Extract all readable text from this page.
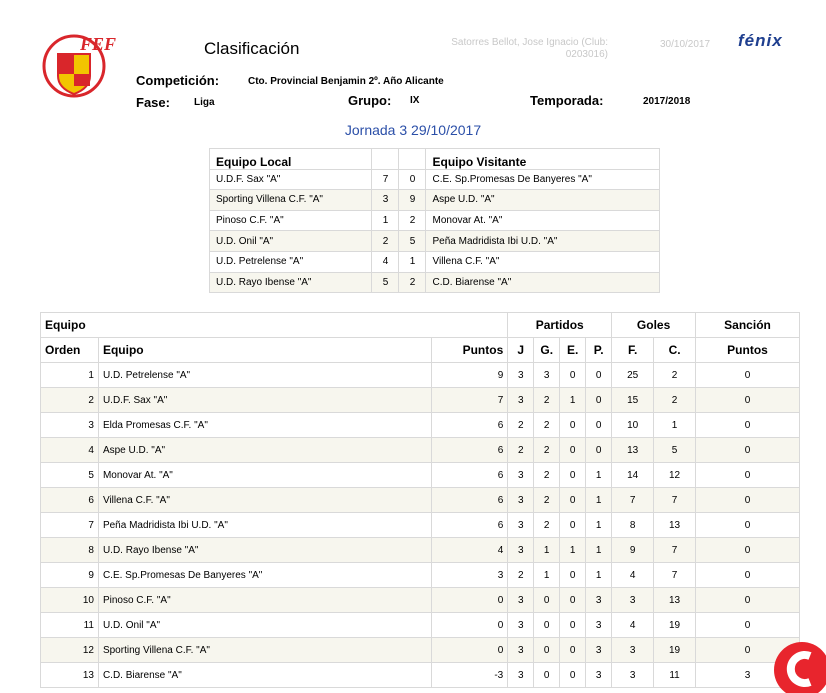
FEF	Clasificación	Satorres Bellot, Jose Ignacio (Club:
0203016)
30/10/2017 fénix
Competición:	Cto. Provincial Benjamin 2º. Año Alicante
Fase: Liga	Grupo: IX	Temporada:	2017/2018
Jornada 3 29/10/2017
Equipo Local			Equipo Visitante
U.D.F. Sax "A"	7	0	C.E. Sp.Promesas De Banyeres "A"
Sporting Villena C.F. "A"	3	9	Aspe U.D. "A"
Pinoso C.F. "A"	1	2	Monovar At. "A"
U.D. Onil "A"	2	5	Peña Madridista Ibi U.D. "A"
U.D. Petrelense "A"	4	1	Villena C.F. "A"
U.D. Rayo Ibense "A"	5	2	C.D. Biarense "A"
Equipo			Partidos				Goles		Sanción
Orden	Equipo	Puntos	J	G.	E.	P.	F.	C.	Puntos
1	U.D. Petrelense "A"	9	3	3	0	0	25	2	0
2	U.D.F. Sax "A"	7	3	2	1	0	15	2	0
3	Elda Promesas C.F. "A"	6	2	2	0	0	10	1	0
4	Aspe U.D. "A"	6	2	2	0	0	13	5	0
5	Monovar At. "A"	6	3	2	0	1	14	12	0
6	Villena C.F. "A"	6	3	2	0	1	7	7	0
7	Peña Madridista Ibi U.D. "A"	6	3	2	0	1	8	13	0
8	U.D. Rayo Ibense "A"	4	3	1	1	1	9	7	0
9	C.E. Sp.Promesas De Banyeres "A"	3	2	1	0	1	4	7	0
10	Pinoso C.F. "A"	0	3	0	0	3	3	13	0
11	U.D. Onil "A"	0	3	0	0	3	4	19	0
12	Sporting Villena C.F. "A"	0	3	0	0	3	3	19	0
13	C.D. Biarense "A"	-3	3	0	0	3	3	11	3
